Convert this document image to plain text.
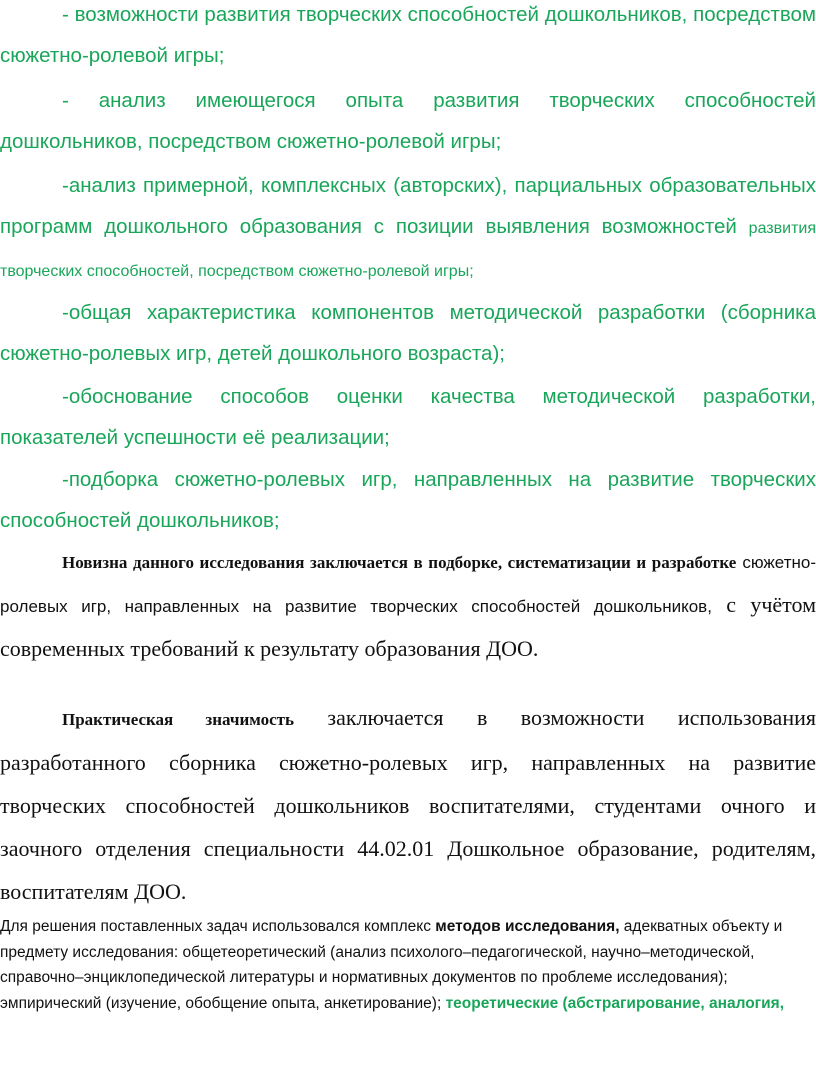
- возможности развития творческих способностей дошкольников, посредством сюжетно-ролевой игры;

- анализ имеющегося опыта развития творческих способностей дошкольников, посредством сюжетно-ролевой игры;

-анализ примерной, комплексных (авторских), парциальных образовательных программ дошкольного образования с позиции выявления возможностей развития творческих способностей, посредством сюжетно-ролевой игры;

-общая характеристика компонентов методической разработки (сборника сюжетно-ролевых игр, детей дошкольного возраста);

-обоснование способов оценки качества методической разработки, показателей успешности её реализации;

-подборка сюжетно-ролевых игр, направленных на развитие творческих способностей дошкольников;

Новизна данного исследования заключается в подборке, систематизации и разработке сюжетно-ролевых игр, направленных на развитие творческих способностей дошкольников, с учётом современных требований к результату образования ДОО.

Практическая значимость заключается в возможности использования разработанного сборника сюжетно-ролевых игр, направленных на развитие творческих способностей дошкольников воспитателями, студентами очного и заочного отделения специальности 44.02.01 Дошкольное образование, родителям, воспитателям ДОО.

Для решения поставленных задач использовался комплекс методов исследования, адекватных объекту и предмету исследования: общетеоретический (анализ психолого–педагогической, научно–методической, справочно–энциклопедической литературы и нормативных документов по проблеме исследования); эмпирический (изучение, обобщение опыта, анкетирование); теоретические (абстрагирование, аналогия,
